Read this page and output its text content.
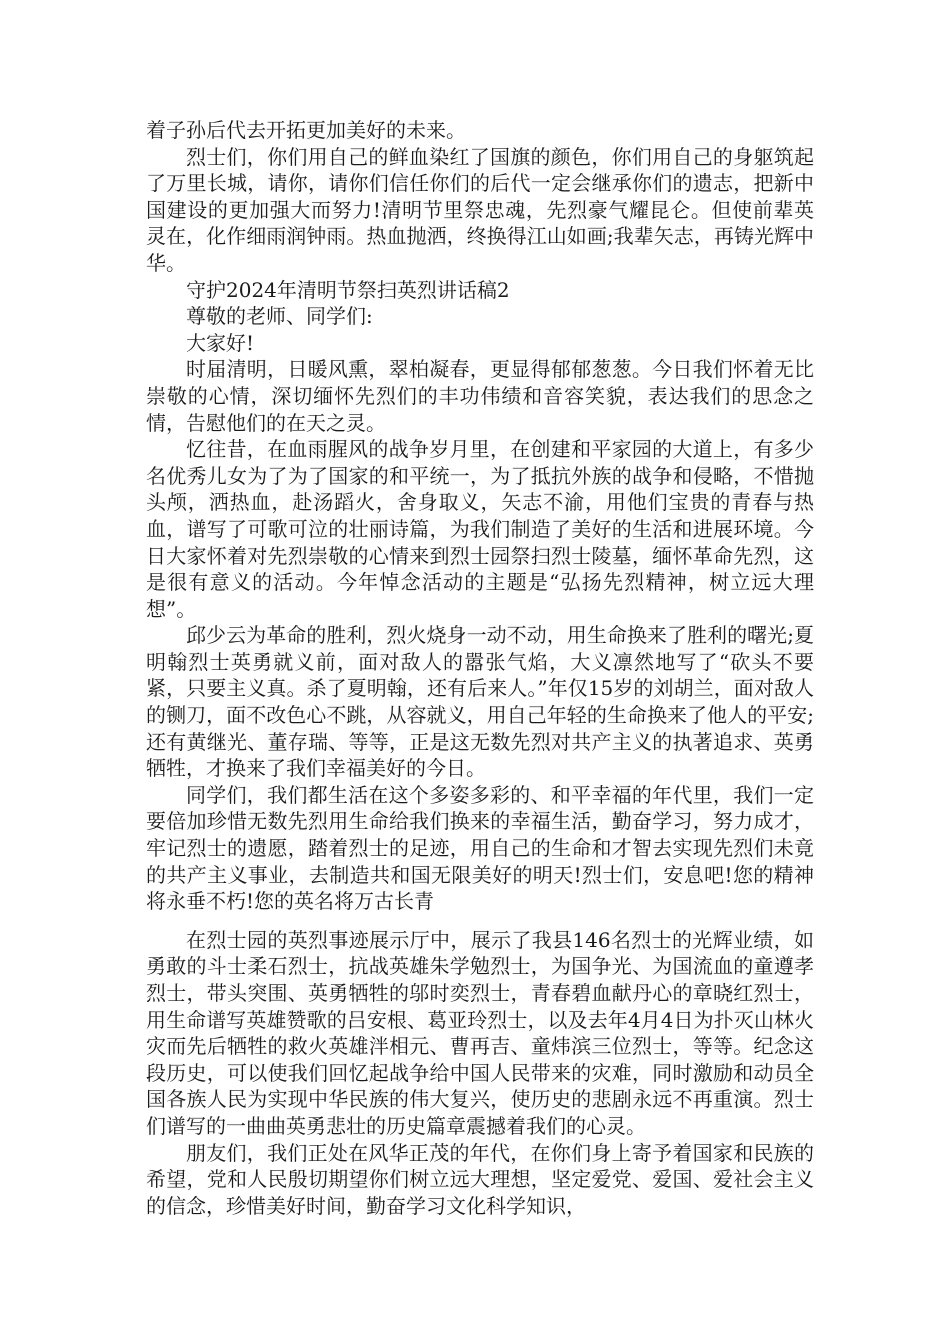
着子孙后代去开拓更加美好的未来。

烈士们，你们用自己的鲜血染红了国旗的颜色，你们用自己的身躯筑起了万里长城，请你，请你们信任你们的后代一定会继承你们的遗志，把新中国建设的更加强大而努力!清明节里祭忠魂，先烈豪气耀昆仑。但使前辈英灵在，化作细雨润钟雨。热血抛洒，终换得江山如画;我辈矢志，再铸光辉中华。

守护2024年清明节祭扫英烈讲话稿2

尊敬的老师、同学们:

大家好!

时届清明，日暖风熏，翠柏凝春，更显得郁郁葱葱。今日我们怀着无比崇敬的心情，深切缅怀先烈们的丰功伟绩和音容笑貌，表达我们的思念之情，告慰他们的在天之灵。

忆往昔，在血雨腥风的战争岁月里，在创建和平家园的大道上，有多少名优秀儿女为了为了国家的和平统一，为了抵抗外族的战争和侵略，不惜抛头颅，洒热血，赴汤蹈火，舍身取义，矢志不渝，用他们宝贵的青春与热血，谱写了可歌可泣的壮丽诗篇，为我们制造了美好的生活和进展环境。今日大家怀着对先烈崇敬的心情来到烈士园祭扫烈士陵墓，缅怀革命先烈，这是很有意义的活动。今年悼念活动的主题是“弘扬先烈精神，树立远大理想”。

邱少云为革命的胜利，烈火烧身一动不动，用生命换来了胜利的曙光;夏明翰烈士英勇就义前，面对敌人的嚣张气焰，大义凛然地写了“砍头不要紧，只要主义真。杀了夏明翰，还有后来人。”年仅15岁的刘胡兰，面对敌人的铡刀，面不改色心不跳，从容就义，用自己年轻的生命换来了他人的平安;还有黄继光、董存瑞、等等，正是这无数先烈对共产主义的执著追求、英勇牺牲，才换来了我们幸福美好的今日。

同学们，我们都生活在这个多姿多彩的、和平幸福的年代里，我们一定要倍加珍惜无数先烈用生命给我们换来的幸福生活，勤奋学习，努力成才，牢记烈士的遗愿，踏着烈士的足迹，用自己的生命和才智去实现先烈们未竟的共产主义事业，去制造共和国无限美好的明天!烈士们，安息吧!您的精神将永垂不朽!您的英名将万古长青

在烈士园的英烈事迹展示厅中，展示了我县146名烈士的光辉业绩，如勇敢的斗士柔石烈士，抗战英雄朱学勉烈士，为国争光、为国流血的童遵孝烈士，带头突围、英勇牺牲的邬时奕烈士，青春碧血献丹心的章晓红烈士，用生命谱写英雄赞歌的吕安根、葛亚玲烈士，以及去年4月4日为扑灭山林火灾而先后牺牲的救火英雄泮相元、曹再吉、童炜滨三位烈士，等等。纪念这段历史，可以使我们回忆起战争给中国人民带来的灾难，同时激励和动员全国各族人民为实现中华民族的伟大复兴，使历史的悲剧永远不再重演。烈士们谱写的一曲曲英勇悲壮的历史篇章震撼着我们的心灵。

朋友们，我们正处在风华正茂的年代，在你们身上寄予着国家和民族的希望，党和人民殷切期望你们树立远大理想，坚定爱党、爱国、爱社会主义的信念，珍惜美好时间，勤奋学习文化科学知识，
